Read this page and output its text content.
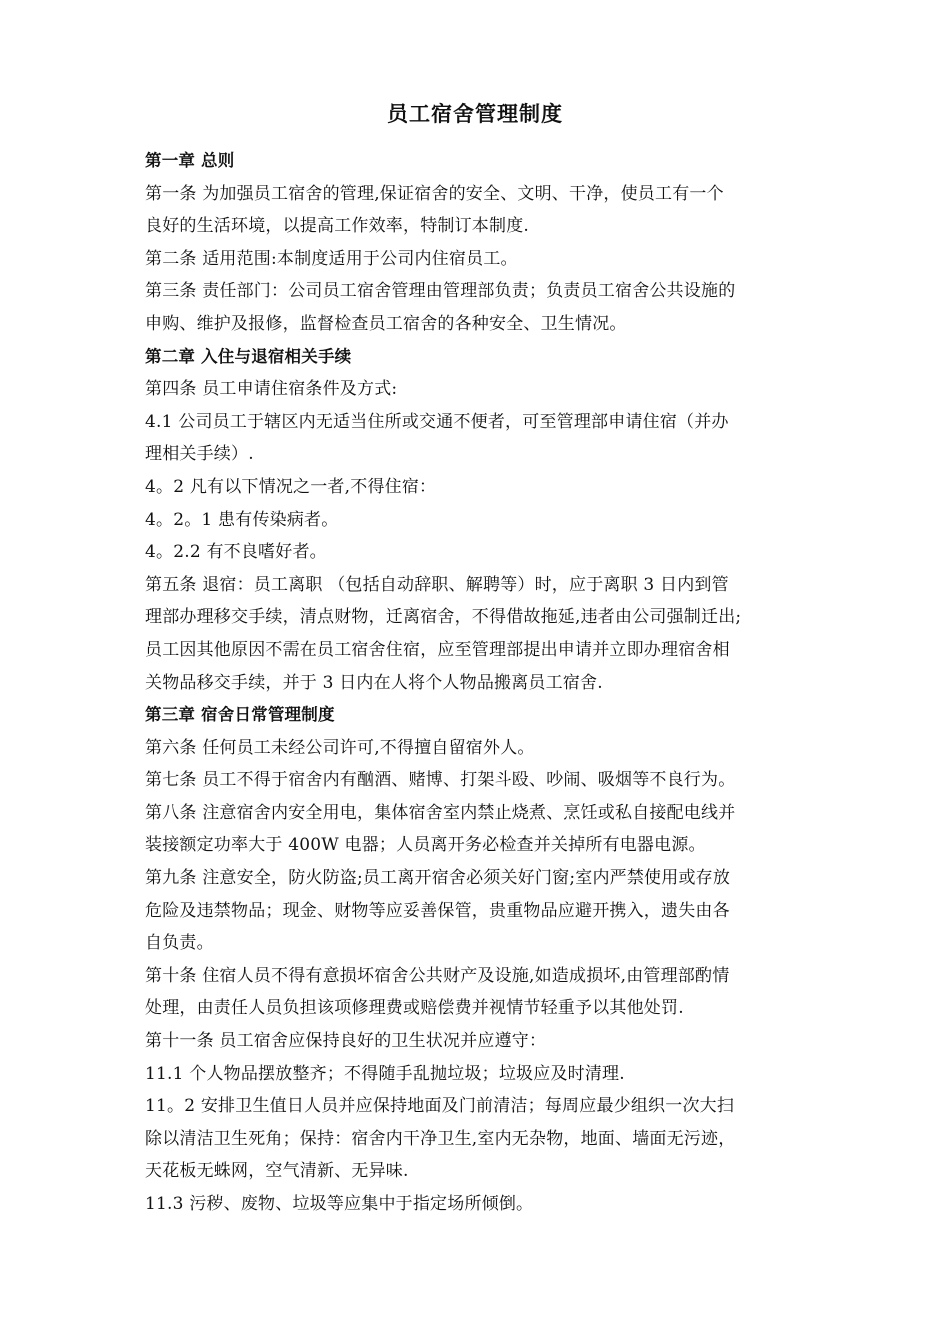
员工宿舍管理制度
第一章 总则
第一条 为加强员工宿舍的管理,保证宿舍的安全、文明、干净，使员工有一个
良好的生活环境，以提高工作效率，特制订本制度.
第二条 适用范围:本制度适用于公司内住宿员工。
第三条 责任部门：公司员工宿舍管理由管理部负责；负责员工宿舍公共设施的
申购、维护及报修，监督检查员工宿舍的各种安全、卫生情况。
第二章 入住与退宿相关手续
第四条 员工申请住宿条件及方式:
4.1 公司员工于辖区内无适当住所或交通不便者，可至管理部申请住宿（并办
理相关手续）.
4。2 凡有以下情况之一者,不得住宿：
4。2。1 患有传染病者。
4。2.2 有不良嗜好者。
第五条 退宿：员工离职 （包括自动辞职、解聘等）时，应于离职 3 日内到管
理部办理移交手续，清点财物，迁离宿舍，不得借故拖延,违者由公司强制迁出;
员工因其他原因不需在员工宿舍住宿，应至管理部提出申请并立即办理宿舍相
关物品移交手续，并于 3 日内在人将个人物品搬离员工宿舍.
第三章 宿舍日常管理制度
第六条 任何员工未经公司许可,不得擅自留宿外人。
第七条 员工不得于宿舍内有酗酒、赌博、打架斗殴、吵闹、吸烟等不良行为。
第八条 注意宿舍内安全用电，集体宿舍室内禁止烧煮、烹饪或私自接配电线并
装接额定功率大于 400W 电器；人员离开务必检查并关掉所有电器电源。
第九条 注意安全，防火防盗;员工离开宿舍必须关好门窗;室内严禁使用或存放
危险及违禁物品；现金、财物等应妥善保管，贵重物品应避开携入，遗失由各
自负责。
第十条 住宿人员不得有意损坏宿舍公共财产及设施,如造成损坏,由管理部酌情
处理，由责任人员负担该项修理费或赔偿费并视情节轻重予以其他处罚.
第十一条 员工宿舍应保持良好的卫生状况并应遵守：
11.1 个人物品摆放整齐；不得随手乱抛垃圾；垃圾应及时清理.
11。2 安排卫生值日人员并应保持地面及门前清洁；每周应最少组织一次大扫
除以清洁卫生死角；保持：宿舍内干净卫生,室内无杂物，地面、墙面无污迹，
天花板无蛛网，空气清新、无异味.
11.3 污秽、废物、垃圾等应集中于指定场所倾倒。
